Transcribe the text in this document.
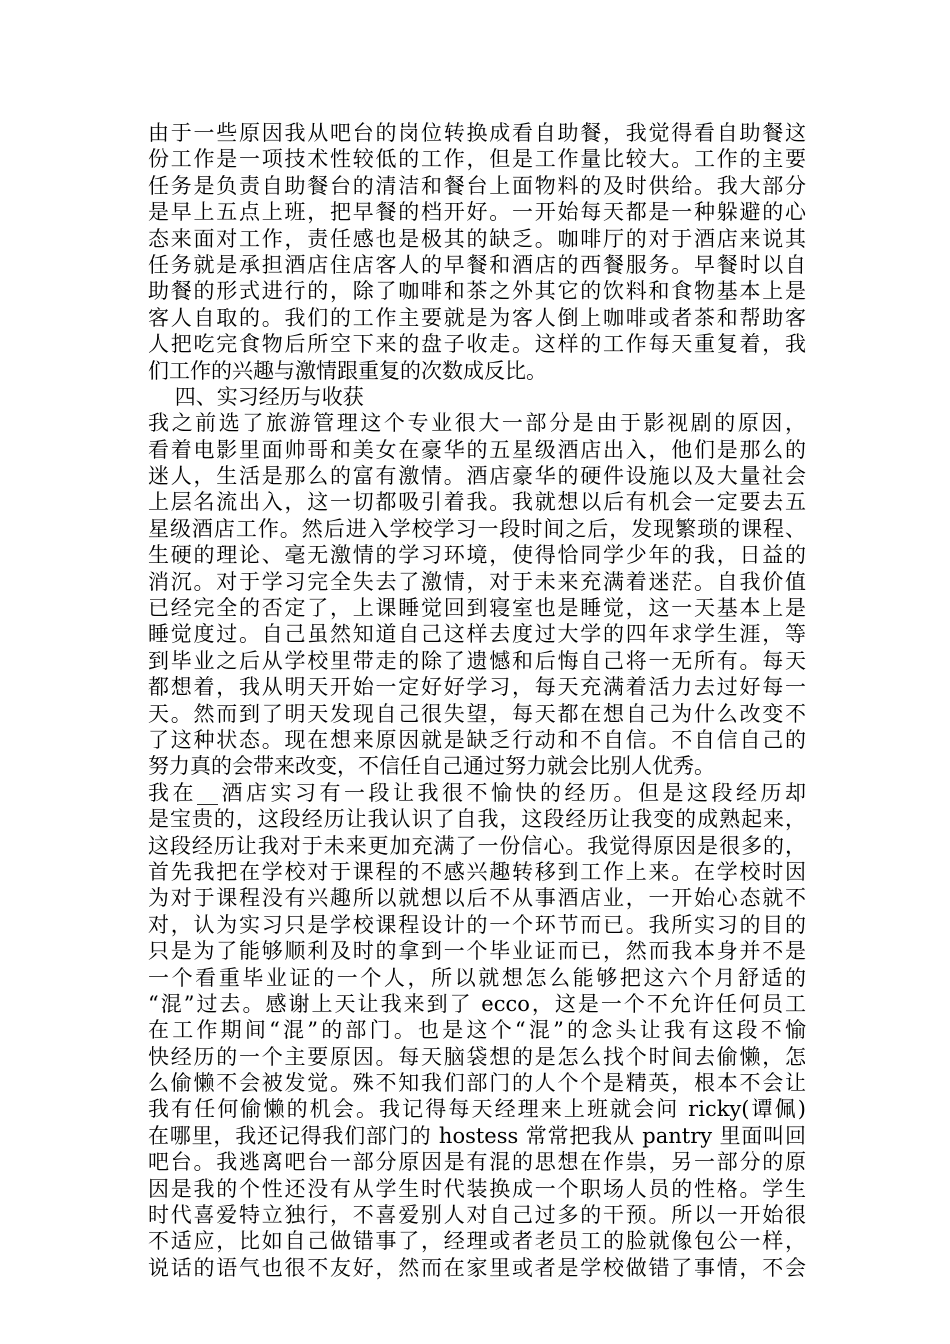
由于一些原因我从吧台的岗位转换成看自助餐，我觉得看自助餐这
份工作是一项技术性较低的工作，但是工作量比较大。工作的主要
任务是负责自助餐台的清洁和餐台上面物料的及时供给。我大部分
是早上五点上班，把早餐的档开好。一开始每天都是一种躲避的心
态来面对工作，责任感也是极其的缺乏。咖啡厅的对于酒店来说其
任务就是承担酒店住店客人的早餐和酒店的西餐服务。早餐时以自
助餐的形式进行的，除了咖啡和茶之外其它的饮料和食物基本上是
客人自取的。我们的工作主要就是为客人倒上咖啡或者茶和帮助客
人把吃完食物后所空下来的盘子收走。这样的工作每天重复着，我
们工作的兴趣与激情跟重复的次数成反比。
四、实习经历与收获
我之前选了旅游管理这个专业很大一部分是由于影视剧的原因，
看着电影里面帅哥和美女在豪华的五星级酒店出入，他们是那么的
迷人，生活是那么的富有激情。酒店豪华的硬件设施以及大量社会
上层名流出入，这一切都吸引着我。我就想以后有机会一定要去五
星级酒店工作。然后进入学校学习一段时间之后，发现繁琐的课程、
生硬的理论、毫无激情的学习环境，使得恰同学少年的我，日益的
消沉。对于学习完全失去了激情，对于未来充满着迷茫。自我价值
已经完全的否定了，上课睡觉回到寝室也是睡觉，这一天基本上是
睡觉度过。自己虽然知道自己这样去度过大学的四年求学生涯，等
到毕业之后从学校里带走的除了遗憾和后悔自己将一无所有。每天
都想着，我从明天开始一定好好学习，每天充满着活力去过好每一
天。然而到了明天发现自己很失望，每天都在想自己为什么改变不
了这种状态。现在想来原因就是缺乏行动和不自信。不自信自己的
努力真的会带来改变，不信任自己通过努力就会比别人优秀。
我在__酒店实习有一段让我很不愉快的经历。但是这段经历却
是宝贵的，这段经历让我认识了自我，这段经历让我变的成熟起来，
这段经历让我对于未来更加充满了一份信心。我觉得原因是很多的，
首先我把在学校对于课程的不感兴趣转移到工作上来。在学校时因
为对于课程没有兴趣所以就想以后不从事酒店业，一开始心态就不
对，认为实习只是学校课程设计的一个环节而已。我所实习的目的
只是为了能够顺利及时的拿到一个毕业证而已，然而我本身并不是
一个看重毕业证的一个人，所以就想怎么能够把这六个月舒适的
“混”过去。感谢上天让我来到了 ecco，这是一个不允许任何员工
在工作期间“混”的部门。也是这个“混”的念头让我有这段不愉
快经历的一个主要原因。每天脑袋想的是怎么找个时间去偷懒，怎
么偷懒不会被发觉。殊不知我们部门的人个个是精英，根本不会让
我有任何偷懒的机会。我记得每天经理来上班就会问 ricky(谭佩)
在哪里，我还记得我们部门的 hostess 常常把我从 pantry 里面叫回
吧台。我逃离吧台一部分原因是有混的思想在作祟，另一部分的原
因是我的个性还没有从学生时代装换成一个职场人员的性格。学生
时代喜爱特立独行，不喜爱别人对自己过多的干预。所以一开始很
不适应，比如自己做错事了，经理或者老员工的脸就像包公一样，
说话的语气也很不友好，然而在家里或者是学校做错了事情，不会
